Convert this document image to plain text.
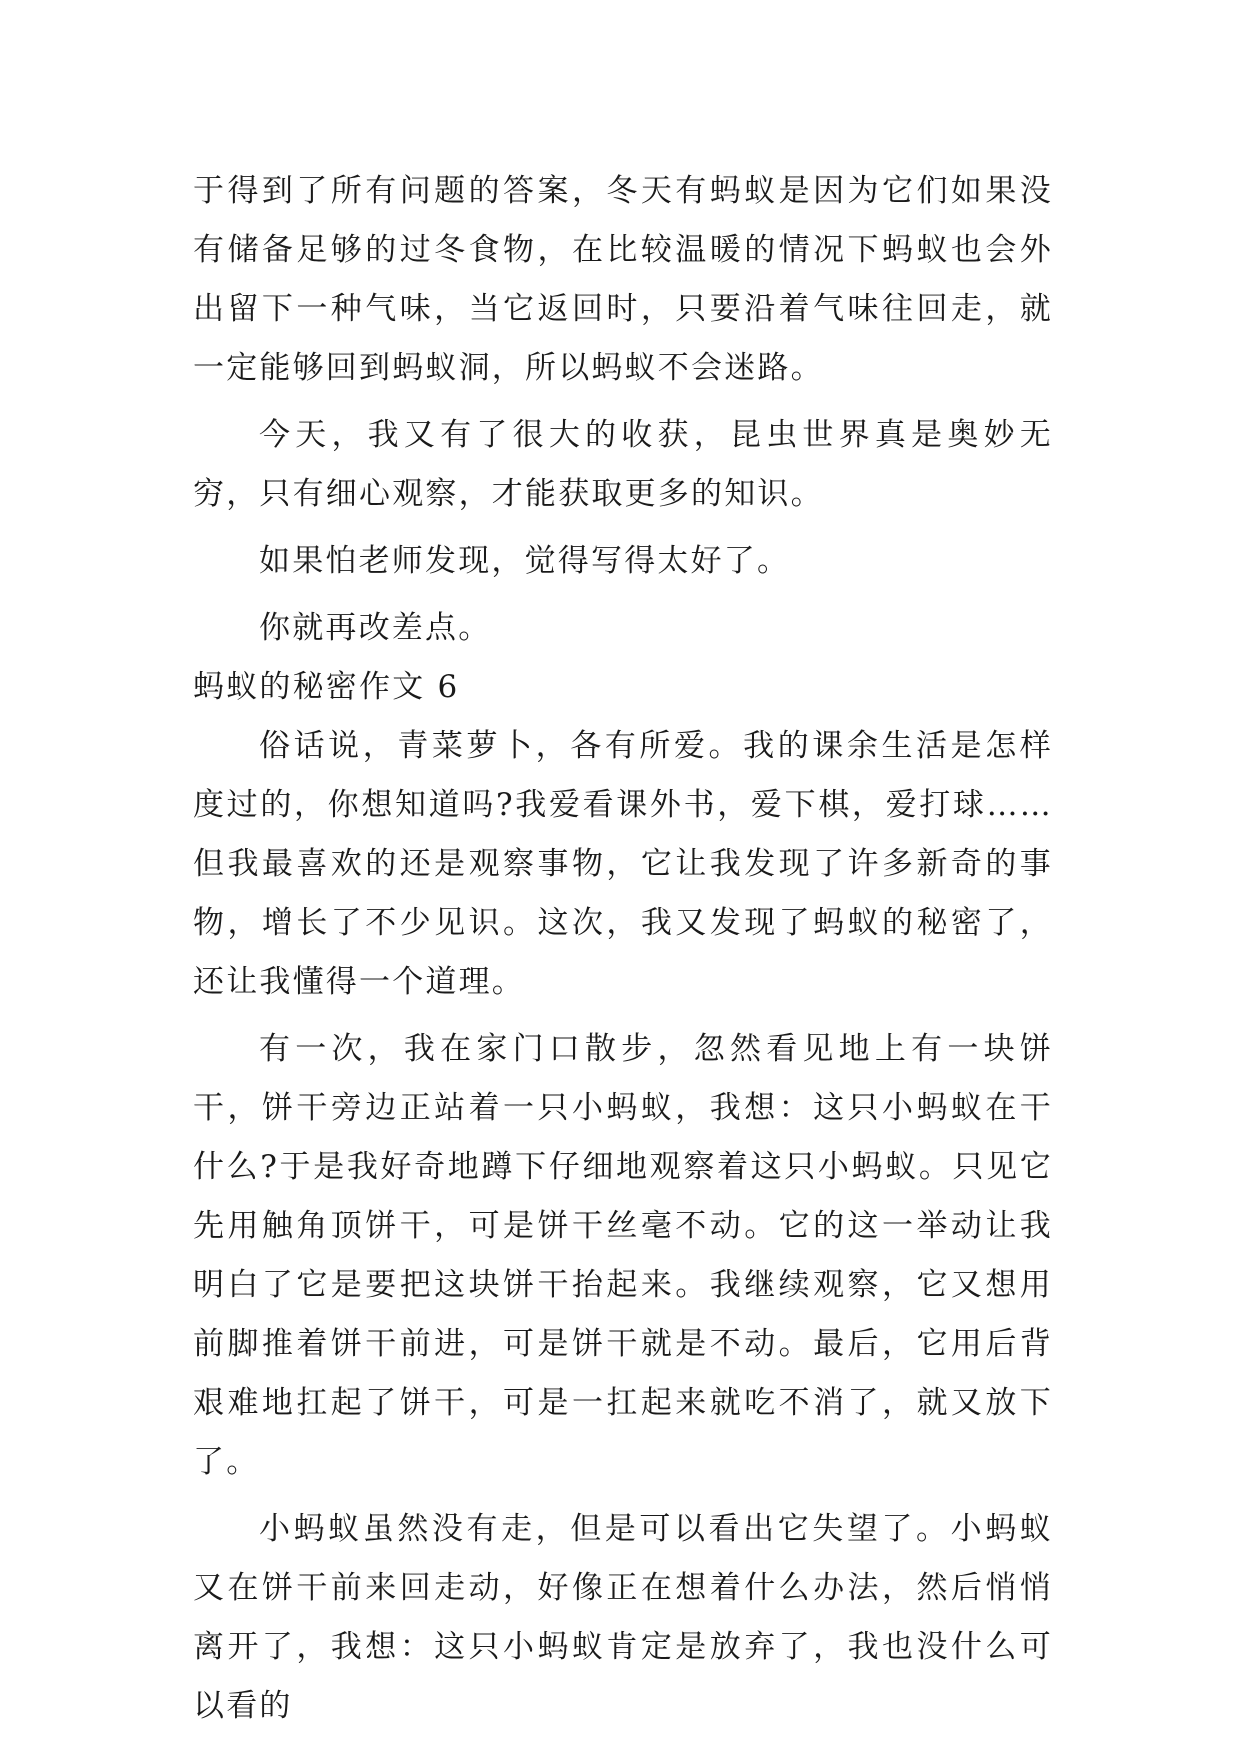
于得到了所有问题的答案，冬天有蚂蚁是因为它们如果没有储备足够的过冬食物，在比较温暖的情况下蚂蚁也会外出留下一种气味，当它返回时，只要沿着气味往回走，就一定能够回到蚂蚁洞，所以蚂蚁不会迷路。

今天，我又有了很大的收获，昆虫世界真是奥妙无穷，只有细心观察，才能获取更多的知识。

如果怕老师发现，觉得写得太好了。

你就再改差点。

蚂蚁的秘密作文 6

俗话说，青菜萝卜，各有所爱。我的课余生活是怎样度过的，你想知道吗?我爱看课外书，爱下棋，爱打球……但我最喜欢的还是观察事物，它让我发现了许多新奇的事物，增长了不少见识。这次，我又发现了蚂蚁的秘密了，还让我懂得一个道理。

有一次，我在家门口散步，忽然看见地上有一块饼干，饼干旁边正站着一只小蚂蚁，我想：这只小蚂蚁在干什么?于是我好奇地蹲下仔细地观察着这只小蚂蚁。只见它先用触角顶饼干，可是饼干丝毫不动。它的这一举动让我明白了它是要把这块饼干抬起来。我继续观察，它又想用前脚推着饼干前进，可是饼干就是不动。最后，它用后背艰难地扛起了饼干，可是一扛起来就吃不消了，就又放下了。

小蚂蚁虽然没有走，但是可以看出它失望了。小蚂蚁又在饼干前来回走动，好像正在想着什么办法，然后悄悄离开了，我想：这只小蚂蚁肯定是放弃了，我也没什么可以看的
